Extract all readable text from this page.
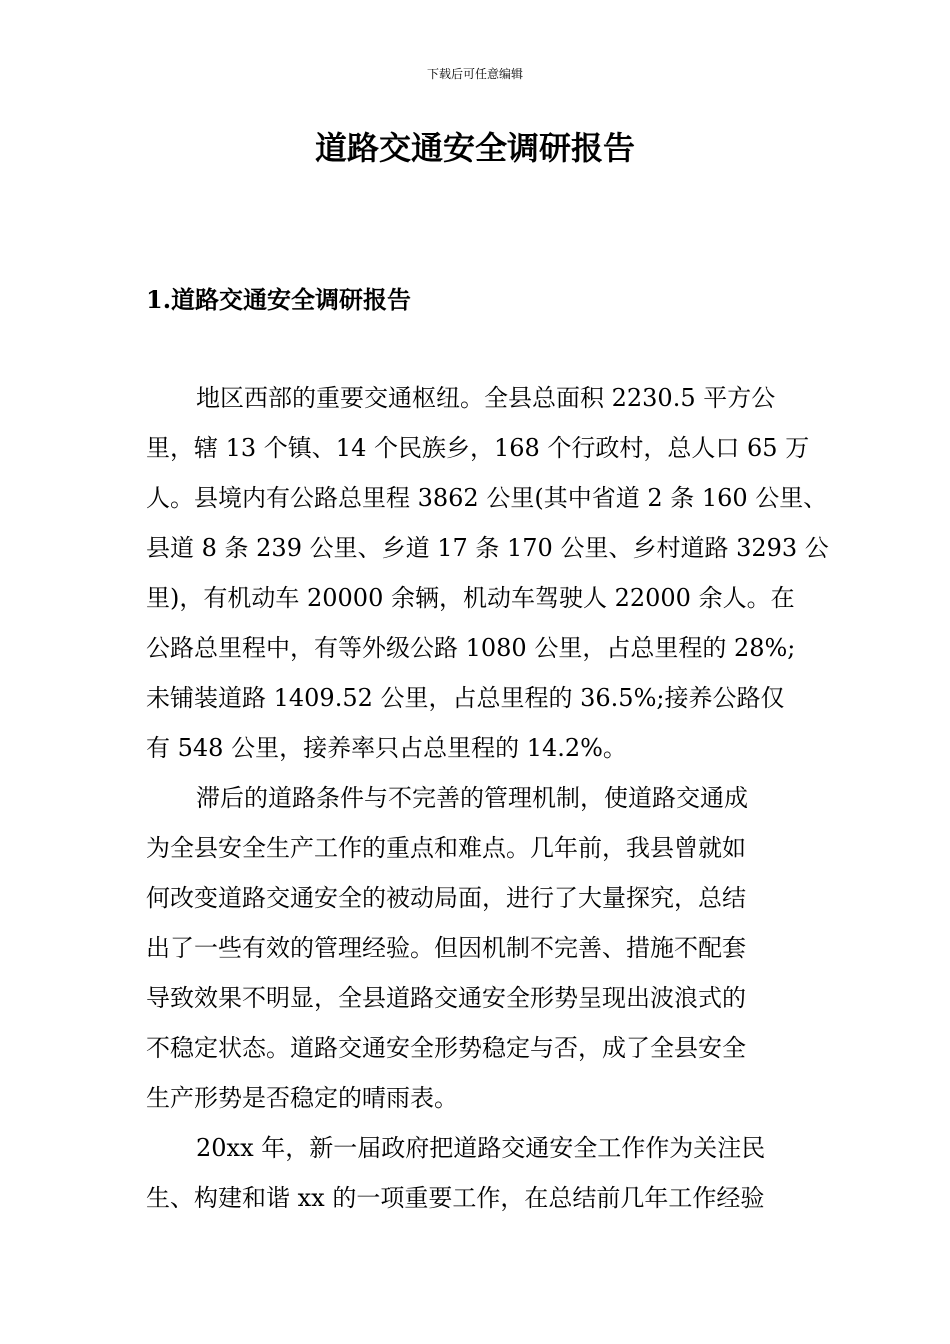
下载后可任意编辑
道路交通安全调研报告
1.道路交通安全调研报告
地区西部的重要交通枢纽。全县总面积 2230.5 平方公
里，辖 13 个镇、14 个民族乡，168 个行政村，总人口 65 万
人。县境内有公路总里程 3862 公里(其中省道 2 条 160 公里、
县道 8 条 239 公里、乡道 17 条 170 公里、乡村道路 3293 公
里)，有机动车 20000 余辆，机动车驾驶人 22000 余人。在
公路总里程中，有等外级公路 1080 公里，占总里程的 28%;
未铺装道路 1409.52 公里，占总里程的 36.5%;接养公路仅
有 548 公里，接养率只占总里程的 14.2%。
滞后的道路条件与不完善的管理机制，使道路交通成
为全县安全生产工作的重点和难点。几年前，我县曾就如
何改变道路交通安全的被动局面，进行了大量探究，总结
出了一些有效的管理经验。但因机制不完善、措施不配套
导致效果不明显，全县道路交通安全形势呈现出波浪式的
不稳定状态。道路交通安全形势稳定与否，成了全县安全
生产形势是否稳定的晴雨表。
20xx 年，新一届政府把道路交通安全工作作为关注民
生、构建和谐 xx 的一项重要工作，在总结前几年工作经验
